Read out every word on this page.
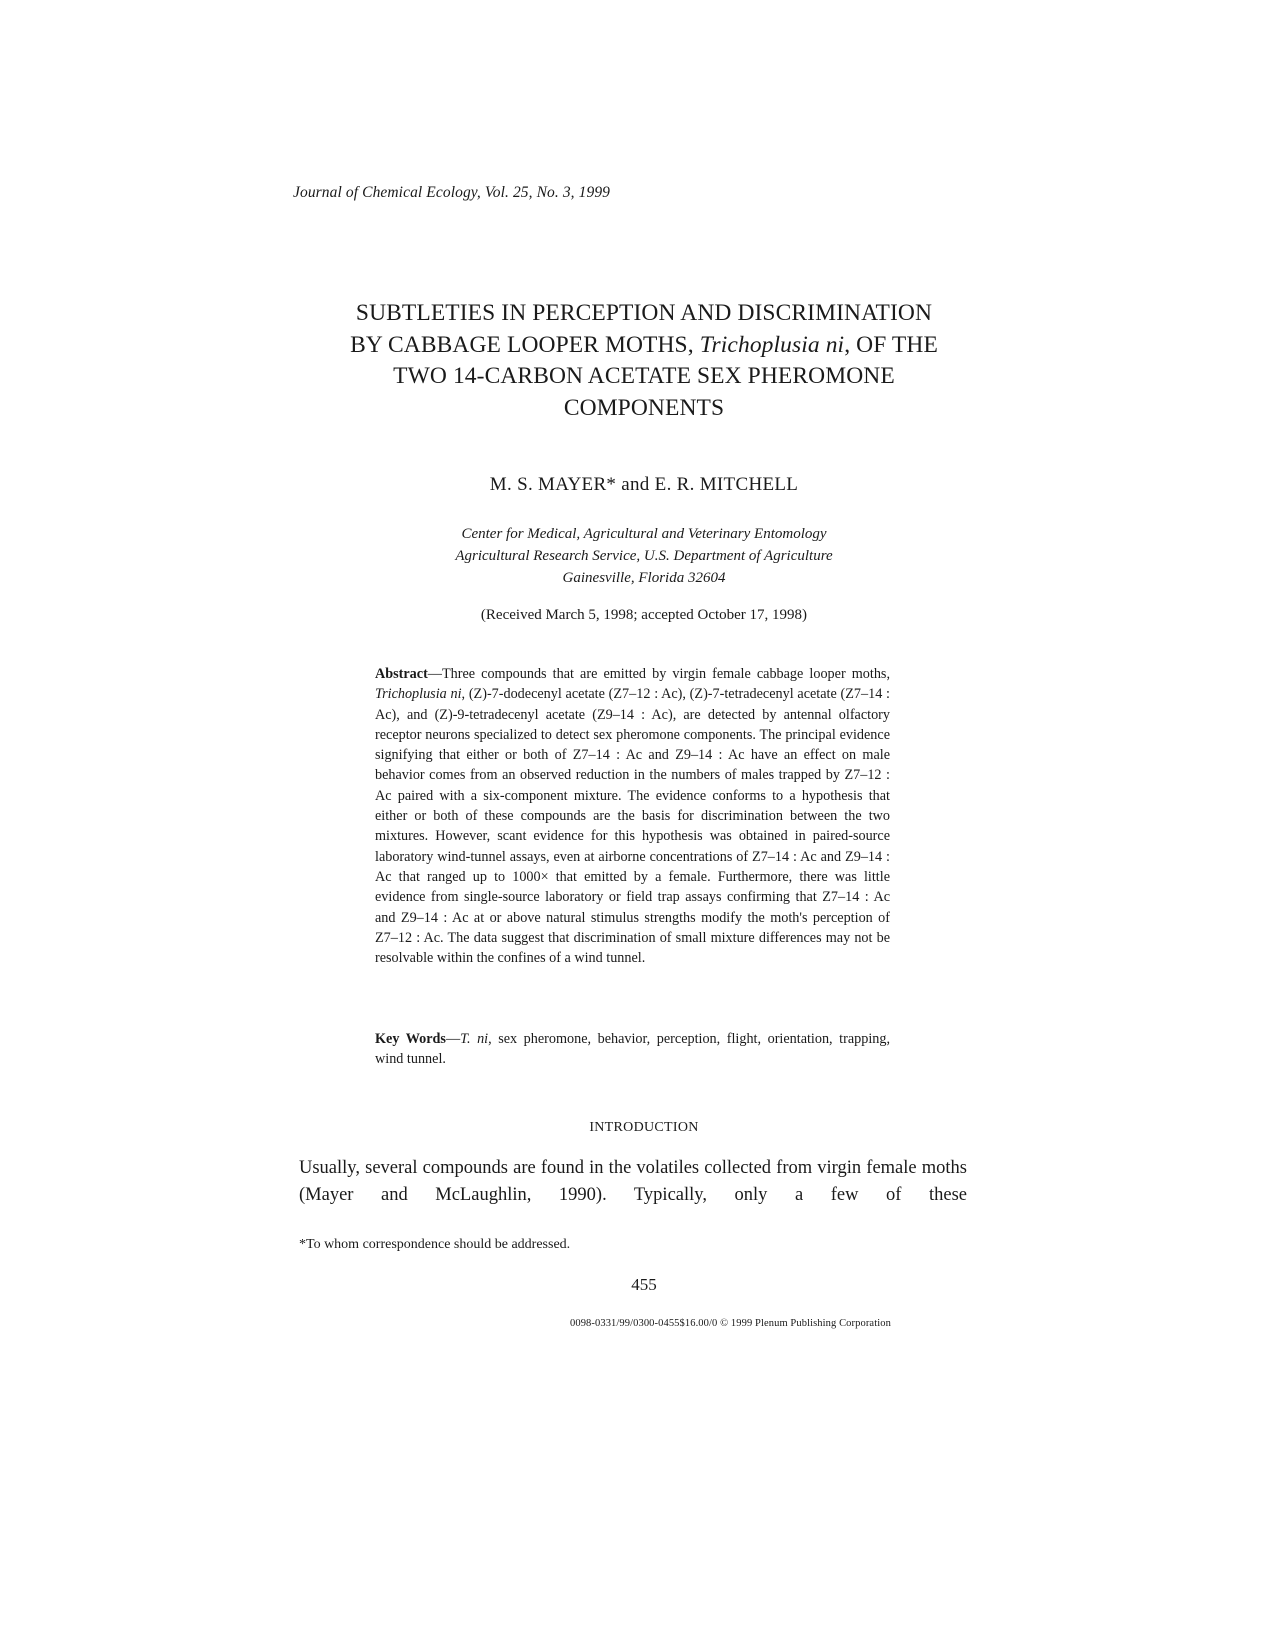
Journal of Chemical Ecology, Vol. 25, No. 3, 1999
SUBTLETIES IN PERCEPTION AND DISCRIMINATION
BY CABBAGE LOOPER MOTHS, Trichoplusia ni, OF THE
TWO 14-CARBON ACETATE SEX PHEROMONE
COMPONENTS
M. S. MAYER* and E. R. MITCHELL
Center for Medical, Agricultural and Veterinary Entomology
Agricultural Research Service, U.S. Department of Agriculture
Gainesville, Florida 32604
(Received March 5, 1998; accepted October 17, 1998)
Abstract—Three compounds that are emitted by virgin female cabbage looper moths, Trichoplusia ni, (Z)-7-dodecenyl acetate (Z7–12 : Ac), (Z)-7-tetradecenyl acetate (Z7–14 : Ac), and (Z)-9-tetradecenyl acetate (Z9–14 : Ac), are detected by antennal olfactory receptor neurons specialized to detect sex pheromone components. The principal evidence signifying that either or both of Z7–14 : Ac and Z9–14 : Ac have an effect on male behavior comes from an observed reduction in the numbers of males trapped by Z7–12 : Ac paired with a six-component mixture. The evidence conforms to a hypothesis that either or both of these compounds are the basis for discrimination between the two mixtures. However, scant evidence for this hypothesis was obtained in paired-source laboratory wind-tunnel assays, even at airborne concentrations of Z7–14 : Ac and Z9–14 : Ac that ranged up to 1000× that emitted by a female. Furthermore, there was little evidence from single-source laboratory or field trap assays confirming that Z7–14 : Ac and Z9–14 : Ac at or above natural stimulus strengths modify the moth's perception of Z7–12 : Ac. The data suggest that discrimination of small mixture differences may not be resolvable within the confines of a wind tunnel.
Key Words—T. ni, sex pheromone, behavior, perception, flight, orientation, trapping, wind tunnel.
INTRODUCTION
Usually, several compounds are found in the volatiles collected from virgin female moths (Mayer and McLaughlin, 1990). Typically, only a few of these
*To whom correspondence should be addressed.
455
0098-0331/99/0300-0455$16.00/0 © 1999 Plenum Publishing Corporation
